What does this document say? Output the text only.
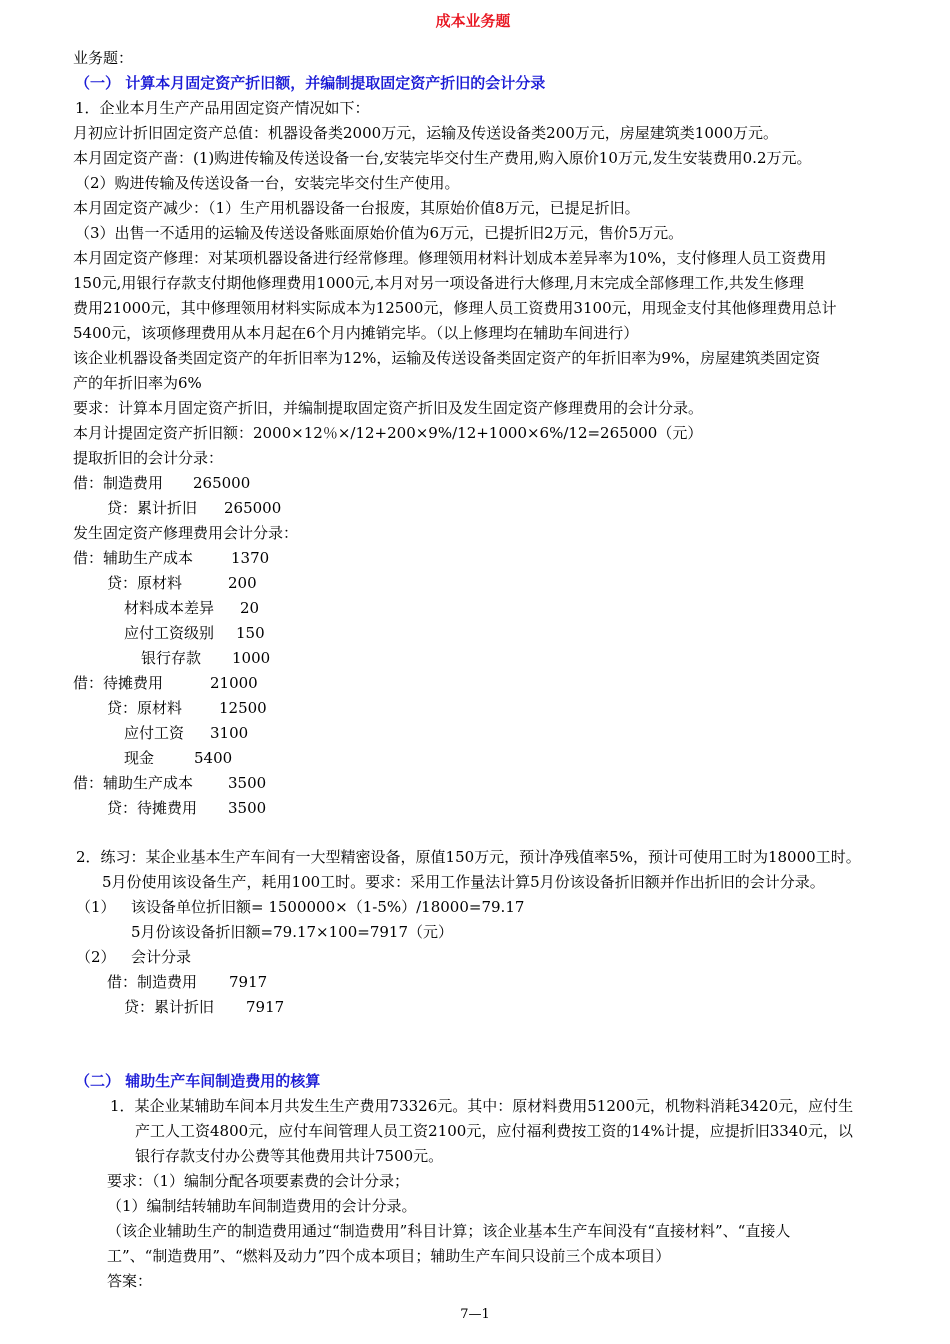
成本业务题
业务题：
（一） 计算本月固定资产折旧额，并编制提取固定资产折旧的会计分录
1．企业本月生产产品用固定资产情况如下：
月初应计折旧固定资产总值：机器设备类2000万元，运输及传送设备类200万元，房屋建筑类1000万元。
本月固定资产啬：(1)购进传输及传送设备一台,安装完毕交付生产费用,购入原价10万元,发生安装费用0.2万元。
（2）购进传输及传送设备一台，安装完毕交付生产使用。
本月固定资产减少：（1）生产用机器设备一台报废，其原始价值8万元，已提足折旧。
（3）出售一不适用的运输及传送设备账面原始价值为6万元，已提折旧2万元，售价5万元。
本月固定资产修理：对某项机器设备进行经常修理。修理领用材料计划成本差异率为10%，支付修理人员工资费用
150元,用银行存款支付期他修理费用1000元,本月对另一项设备进行大修理,月末完成全部修理工作,共发生修理
费用21000元，其中修理领用材料实际成本为12500元，修理人员工资费用3100元，用现金支付其他修理费用总计
5400元，该项修理费用从本月起在6个月内摊销完毕。（以上修理均在辅助车间进行）
该企业机器设备类固定资产的年折旧率为12%，运输及传送设备类固定资产的年折旧率为9%，房屋建筑类固定资
产的年折旧率为6%
要求：计算本月固定资产折旧，并编制提取固定资产折旧及发生固定资产修理费用的会计分录。
本月计提固定资产折旧额：2000×12％×/12+200×9%/12+1000×6%/12=265000（元）
提取折旧的会计分录：
借：制造费用 265000
贷：累计折旧 265000
发生固定资产修理费用会计分录：
借：辅助生产成本	1370
贷：原材料	200
材料成本差异 20
应付工资级别 150
银行存款 1000
借：待摊费用	21000
贷：原材料 12500
应付工资 3100
现金	5400
借：辅助生产成本 3500
贷：待摊费用 3500
2．练习：某企业基本生产车间有一大型精密设备，原值150万元，预计净残值率5%，预计可使用工时为18000工时。
5月份使用该设备生产，耗用100工时。要求：采用工作量法计算5月份该设备折旧额并作出折旧的会计分录。
（1） 该设备单位折旧额= 1500000×（1-5%）/18000=79.17
5月份该设备折旧额=79.17×100=7917（元）
（2） 会计分录
借：制造费用 7917
贷：累计折旧 7917
（二） 辅助生产车间制造费用的核算
1．某企业某辅助车间本月共发生生产费用73326元。其中：原材料费用51200元，机物料消耗3420元，应付生
产工人工资4800元，应付车间管理人员工资2100元，应付福利费按工资的14%计提，应提折旧3340元，以
银行存款支付办公费等其他费用共计7500元。
要求：（1）编制分配各项要素费的会计分录；
（1）编制结转辅助车间制造费用的会计分录。
（该企业辅助生产的制造费用通过“制造费用”科目计算；该企业基本生产车间没有“直接材料”、“直接人
工”、“制造费用”、“燃料及动力”四个成本项目；辅助生产车间只设前三个成本项目）
答案：
7—1
